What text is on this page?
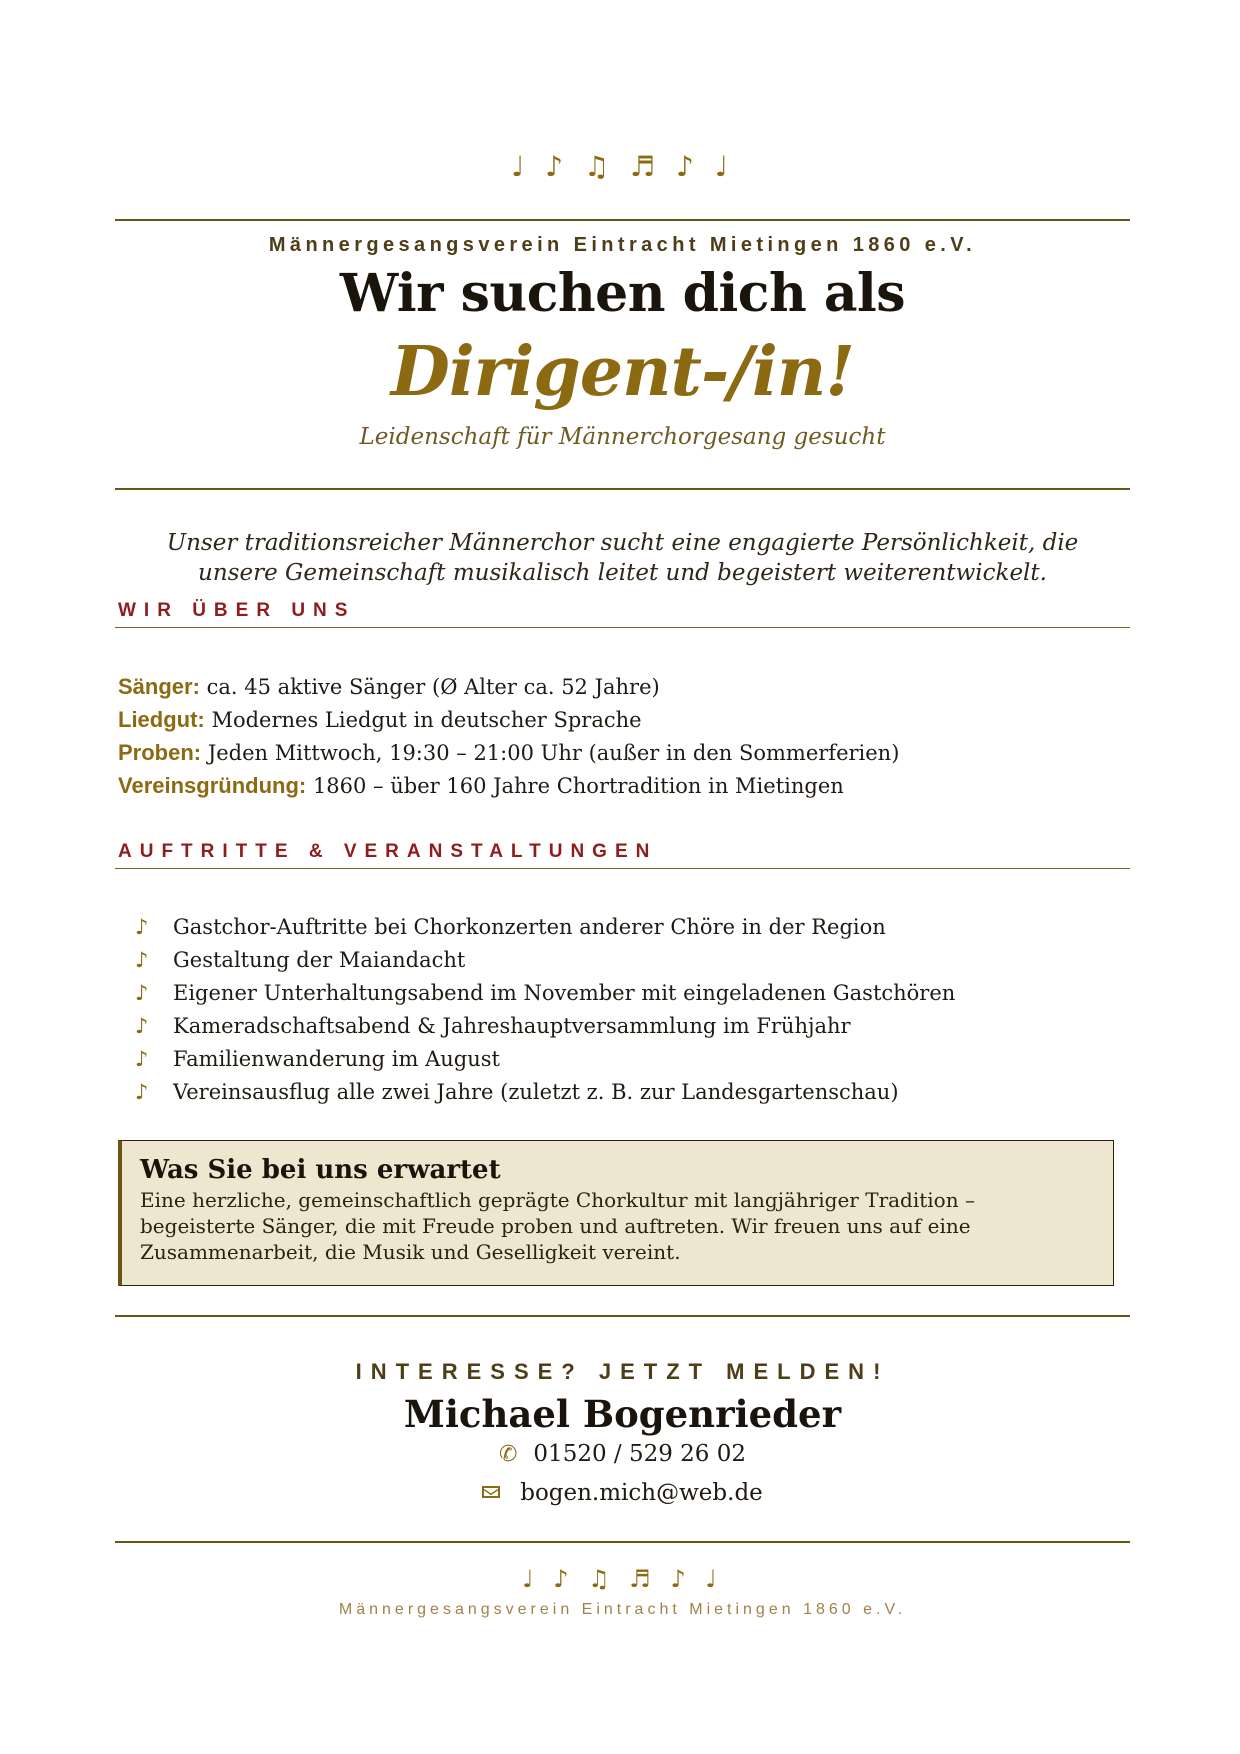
♩ ♪ ♫ ♬ ♪ ♩
Männergesangsverein Eintracht Mietingen 1860 e.V.
Wir suchen dich als
Dirigent-/in!
Leidenschaft für Männerchorgesang gesucht
Unser traditionsreicher Männerchor sucht eine engagierte Persönlichkeit, die unsere Gemeinschaft musikalisch leitet und begeistert weiterentwickelt.
WIR ÜBER UNS
Sänger: ca. 45 aktive Sänger (Ø Alter ca. 52 Jahre)
Liedgut: Modernes Liedgut in deutscher Sprache
Proben: Jeden Mittwoch, 19:30 – 21:00 Uhr (außer in den Sommerferien)
Vereinsgründung: 1860 – über 160 Jahre Chortradition in Mietingen
AUFTRITTE & VERANSTALTUNGEN
♪ Gastchor-Auftritte bei Chorkonzerten anderer Chöre in der Region
♪ Gestaltung der Maiandacht
♪ Eigener Unterhaltungsabend im November mit eingeladenen Gastchören
♪ Kameradschaftsabend & Jahreshauptversammlung im Frühjahr
♪ Familienwanderung im August
♪ Vereinsausflug alle zwei Jahre (zuletzt z. B. zur Landesgartenschau)
Was Sie bei uns erwartet
Eine herzliche, gemeinschaftlich geprägte Chorkultur mit langjähriger Tradition – begeisterte Sänger, die mit Freude proben und auftreten. Wir freuen uns auf eine Zusammenarbeit, die Musik und Geselligkeit vereint.
INTERESSE? JETZT MELDEN!
Michael Bogenrieder
✆ 01520 / 529 26 02
bogen.mich@web.de
♩ ♪ ♫ ♬ ♪ ♩
Männergesangsverein Eintracht Mietingen 1860 e.V.
